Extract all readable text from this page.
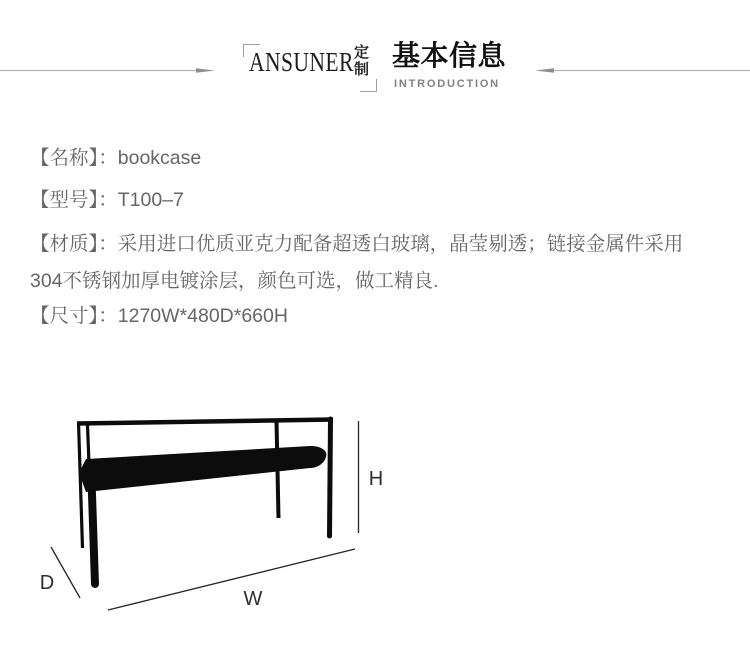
ANSUNER 定
制 基本信息
INTRODUCTION
【名称】：bookcase
【型号】：T100–7
【材质】：采用进口优质亚克力配备超透白玻璃，晶莹剔透；链接金属件采用
304不锈钢加厚电镀涂层，颜色可选，做工精良.
【尺寸】：1270W*480D*660H
H
D
W
